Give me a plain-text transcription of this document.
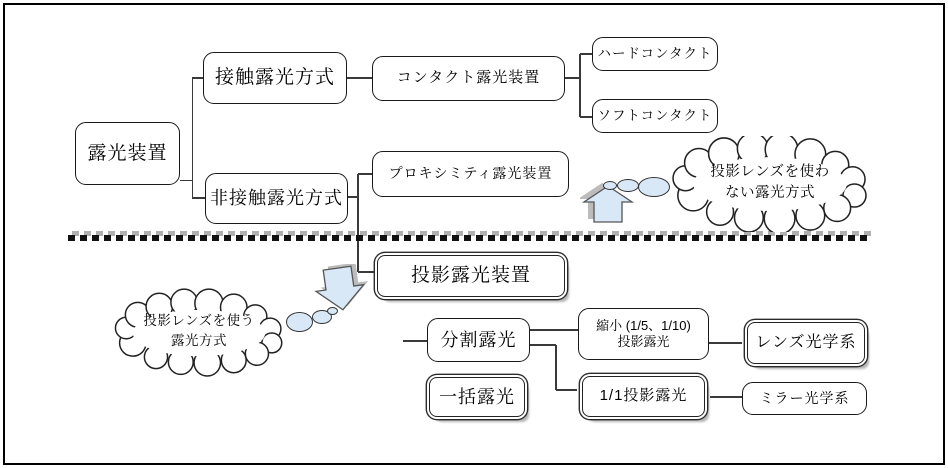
露光装置
接触露光方式
非接触露光方式
コンタクト露光装置
ハードコンタクト
ソフトコンタクト
プロキシミティ露光装置
投影露光装置
分割露光
縮小 (1/5、1/10)
投影露光	レンズ光学系
一括露光	1/1投影露光	ミラー光学系
投影レンズを使わ
ない露光方式
投影レンズを使う
露光方式
